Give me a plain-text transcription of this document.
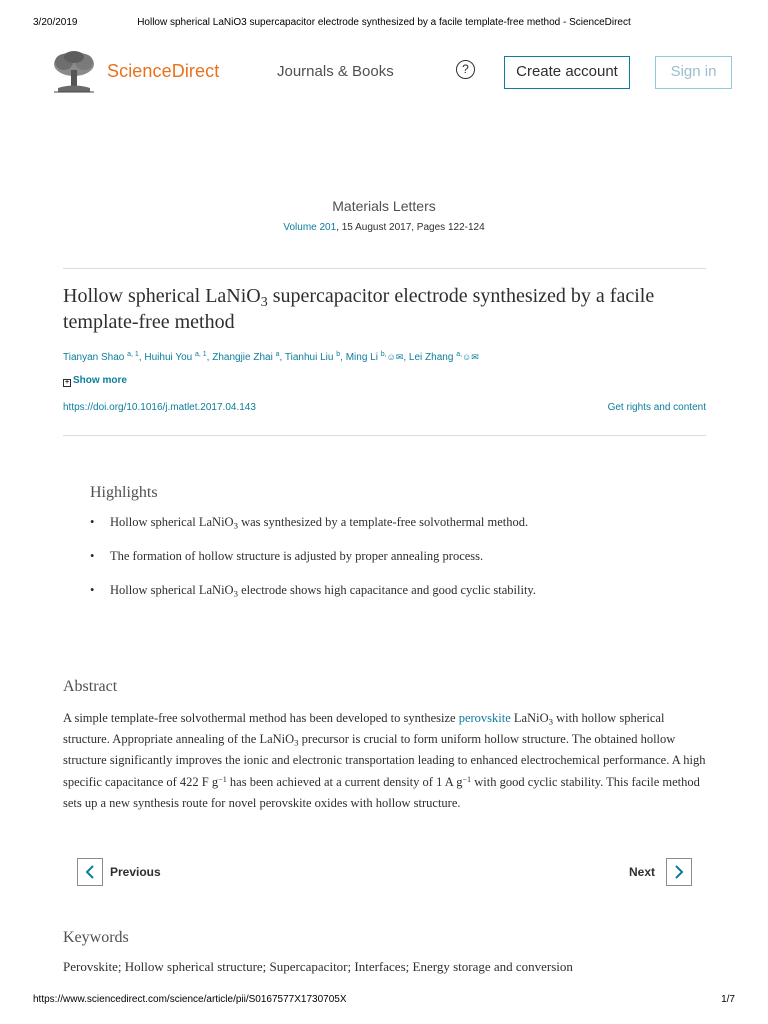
3/20/2019	Hollow spherical LaNiO3 supercapacitor electrode synthesized by a facile template-free method - ScienceDirect
ScienceDirect	Journals & Books	?	Create account	Sign in
Materials Letters
Volume 201, 15 August 2017, Pages 122-124
Hollow spherical LaNiO$_3$ supercapacitor electrode synthesized by a facile template-free method
Tianyan Shao $^{a, 1}$, Huihui You $^{a, 1}$, Zhangjie Zhai $^a$, Tianhui Liu $^b$, Ming Li $^{b,}$☺✉, Lei Zhang $^{a,}$☺✉
+ Show more
https://doi.org/10.1016/j.matlet.2017.04.143	Get rights and content
Highlights
• Hollow spherical LaNiO$_3$ was synthesized by a template-free solvothermal method.
• The formation of hollow structure is adjusted by proper annealing process.
• Hollow spherical LaNiO$_3$ electrode shows high capacitance and good cyclic stability.
Abstract

A simple template-free solvothermal method has been developed to synthesize perovskite LaNiO$_3$ with hollow spherical structure. Appropriate annealing of the LaNiO$_3$ precursor is crucial to form uniform hollow structure. The obtained hollow structure significantly improves the ionic and electronic transportation leading to enhanced electrochemical performance. A high specific capacitance of 422 F $g^{-1}$ has been achieved at a current density of 1 A $g^{-1}$ with good cyclic stability. This facile method sets up a new synthesis route for novel perovskite oxides with hollow structure.

Previous	Next
Keywords
Perovskite; Hollow spherical structure; Supercapacitor; Interfaces; Energy storage and conversion
https://www.sciencedirect.com/science/article/pii/S0167577X1730705X	1/7
